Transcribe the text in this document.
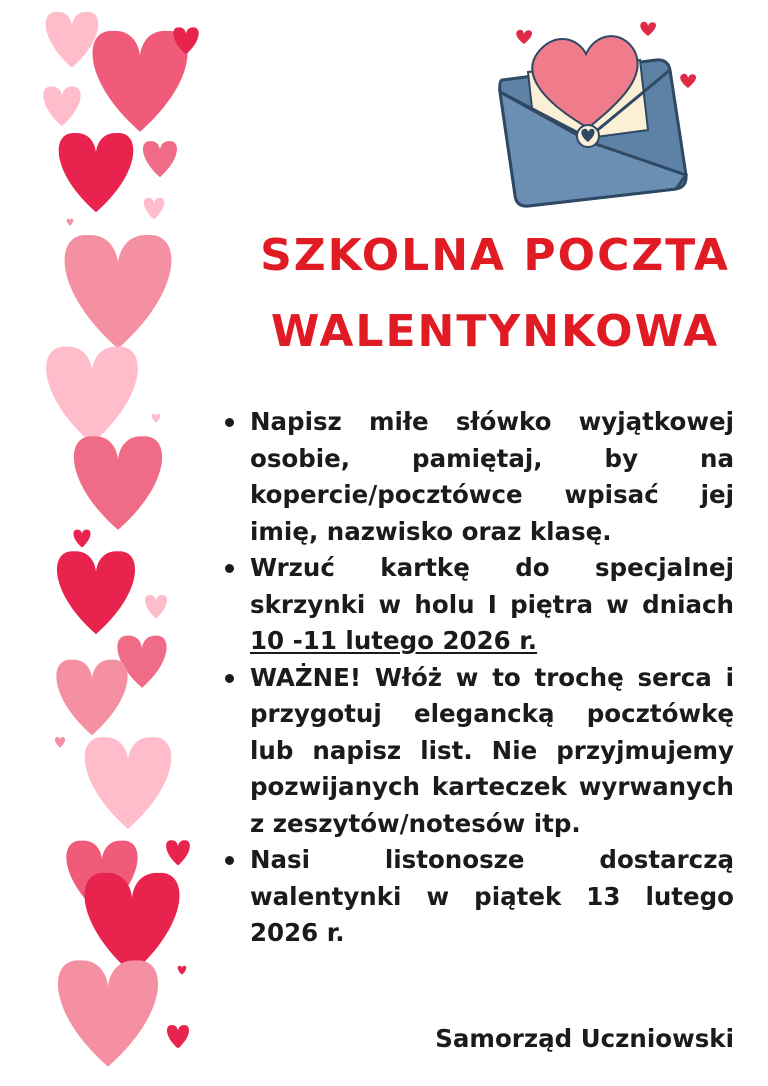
SZKOLNA POCZTA
WALENTYNKOWA
Napisz miłe słówko wyjątkowej osobie, pamiętaj, by na kopercie/pocztówce wpisać jej imię, nazwisko oraz klasę.
Wrzuć kartkę do specjalnej skrzynki w holu I piętra w dniach 10 -11 lutego 2026 r.
WAŻNE! Włóż w to trochę serca i przygotuj elegancką pocztówkę lub napisz list. Nie przyjmujemy pozwijanych karteczek wyrwanych z zeszytów/notesów itp.
Nasi listonosze dostarczą walentynki w piątek 13 lutego 2026 r.
Samorząd Uczniowski
